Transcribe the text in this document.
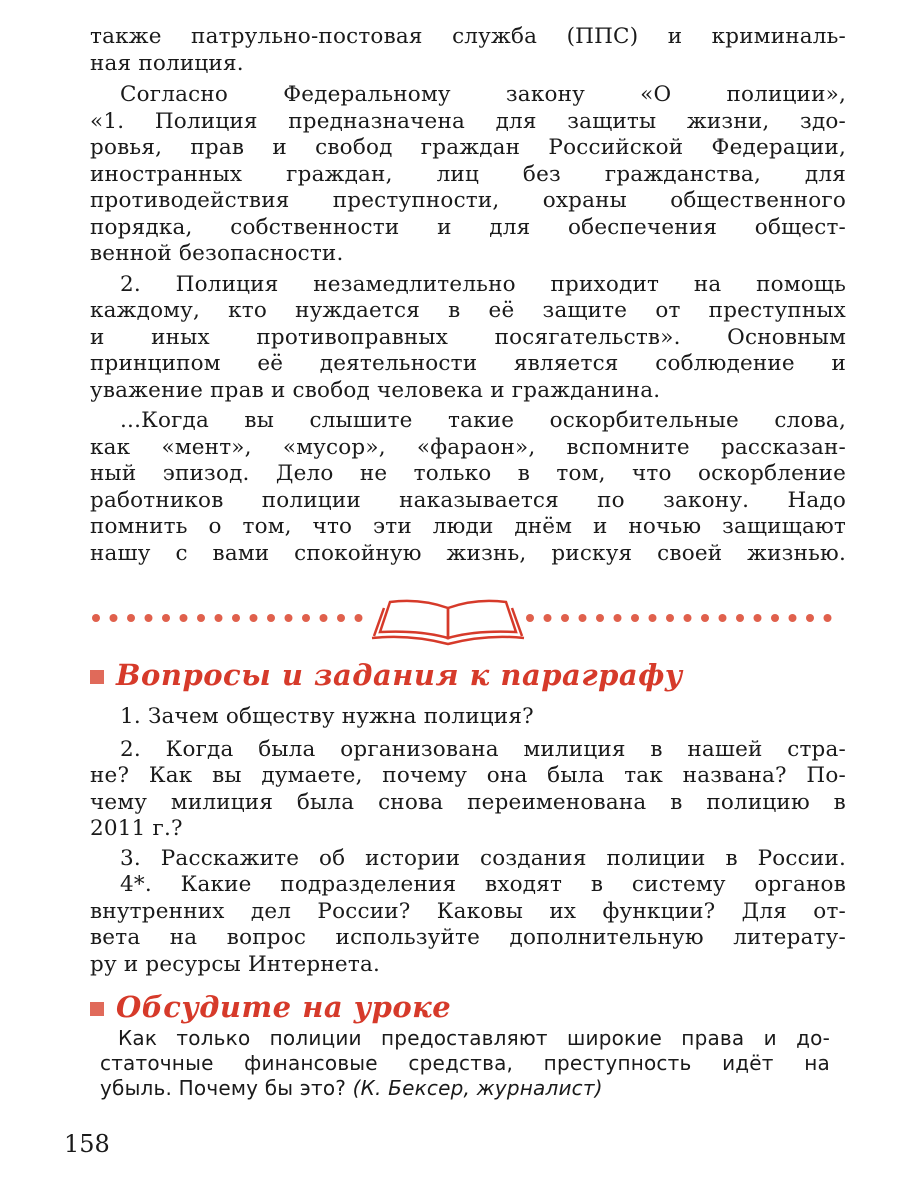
также патрульно-постовая служба (ППС) и криминаль-
ная полиция.
Согласно Федеральному закону «О полиции»,
«1. Полиция предназначена для защиты жизни, здо-
ровья, прав и свобод граждан Российской Федерации,
иностранных граждан, лиц без гражданства, для
противодействия преступности, охраны общественного
порядка, собственности и для обеспечения общест-
венной безопасности.
2. Полиция незамедлительно приходит на помощь
каждому, кто нуждается в её защите от преступных
и иных противоправных посягательств». Основным
принципом её деятельности является соблюдение и
уважение прав и свобод человека и гражданина.
...Когда вы слышите такие оскорбительные слова,
как «мент», «мусор», «фараон», вспомните рассказан-
ный эпизод. Дело не только в том, что оскорбление
работников полиции наказывается по закону. Надо
помнить о том, что эти люди днём и ночью защищают
нашу с вами спокойную жизнь, рискуя своей жизнью.
Вопросы и задания к параграфу
1. Зачем обществу нужна полиция?
2. Когда была организована милиция в нашей стра-
не? Как вы думаете, почему она была так названа? По-
чему милиция была снова переименована в полицию в
2011 г.?
3. Расскажите об истории создания полиции в России.
4*. Какие подразделения входят в систему органов
внутренних дел России? Каковы их функции? Для от-
вета на вопрос используйте дополнительную литерату-
ру и ресурсы Интернета.
Обсудите на уроке
Как только полиции предоставляют широкие права и до-
статочные финансовые средства, преступность идёт на
убыль. Почему бы это? (К. Бексер, журналист)
158
